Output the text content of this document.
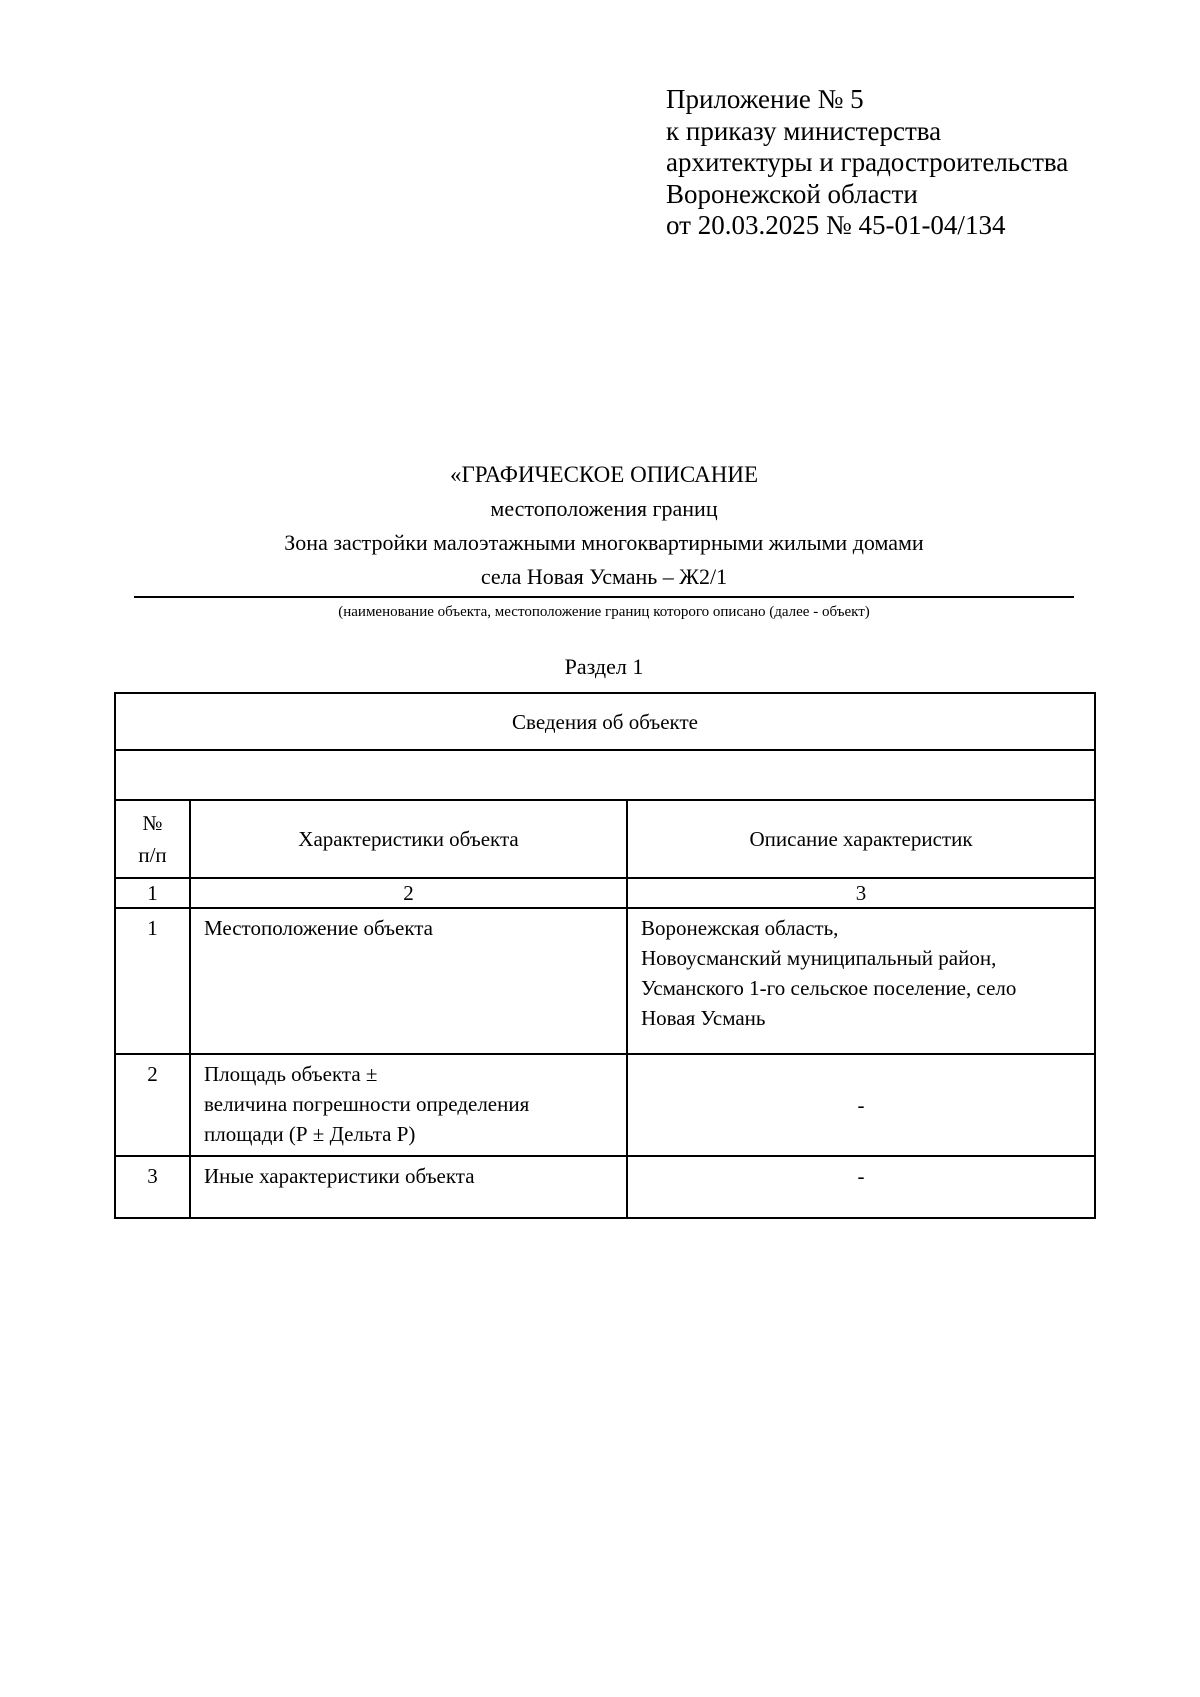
Приложение № 5
к приказу министерства
архитектуры и градостроительства
Воронежской области
от 20.03.2025 № 45-01-04/134
«ГРАФИЧЕСКОЕ ОПИСАНИЕ
местоположения границ
Зона застройки малоэтажными многоквартирными жилыми домами
села Новая Усмань – Ж2/1
(наименование объекта, местоположение границ которого описано (далее - объект)
Раздел 1
Сведения об объекте		

№
п/п	Характеристики объекта	Описание характеристик
1	2	3
1	Местоположение объекта	Воронежская область,
Новоусманский муниципальный район,
Усманского 1-го сельское поселение, село
Новая Усмань

2	Площадь объекта ±
величина погрешности определения
площади (Р ± Дельта Р)	-
3	Иные характеристики объекта	-
